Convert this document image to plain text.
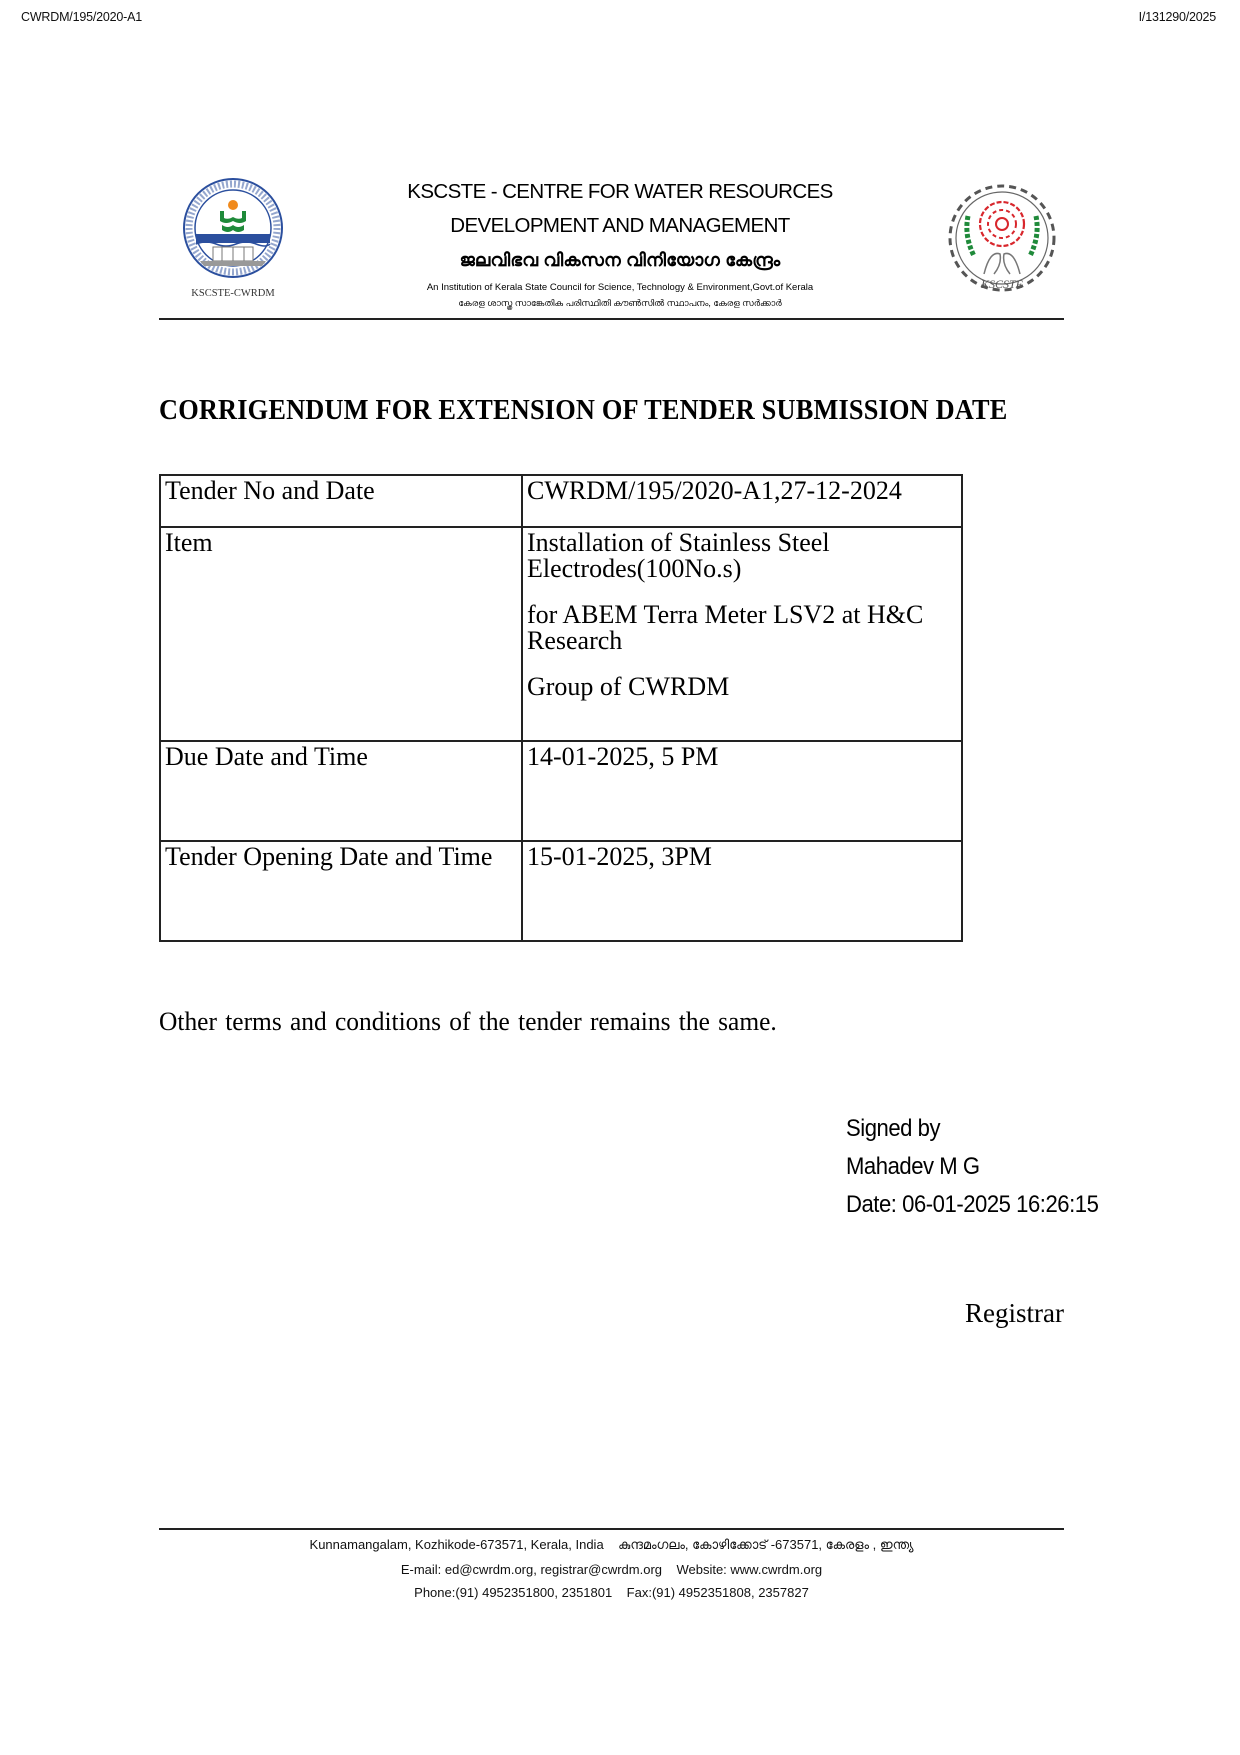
CWRDM/195/2020-A1	I/131290/2025
KSCSTE-CWRDM
KSCSTE - CENTRE FOR WATER RESOURCES
DEVELOPMENT AND MANAGEMENT
ജലവിഭവ വികസന വിനിയോഗ കേന്ദ്രം
An Institution of Kerala State Council for Science, Technology & Environment,Govt.of Kerala
കേരള ശാസ്ത്ര സാങ്കേതിക പരിസ്ഥിതി കൗൺസിൽ സ്ഥാപനം, കേരള സർക്കാർ
KSCSTE
CORRIGENDUM FOR EXTENSION OF TENDER SUBMISSION DATE
Tender No and Date	CWRDM/195/2020-A1,27-12-2024

Item	Installation of Stainless Steel Electrodes(100No.s)

for ABEM Terra Meter LSV2 at H&C Research

Group of CWRDM

Due Date and Time	14-01-2025, 5 PM

Tender Opening Date and Time	15-01-2025, 3PM

Other terms and conditions of the tender remains the same.
Signed by
Mahadev M G
Date: 06-01-2025 16:26:15
Registrar
Kunnamangalam, Kozhikode-673571, Kerala, India    കുന്ദമംഗലം, കോഴിക്കോട് -673571, കേരളം , ഇന്ത്യ
E-mail: ed@cwrdm.org, registrar@cwrdm.org    Website: www.cwrdm.org
Phone:(91) 4952351800, 2351801    Fax:(91) 4952351808, 2357827
